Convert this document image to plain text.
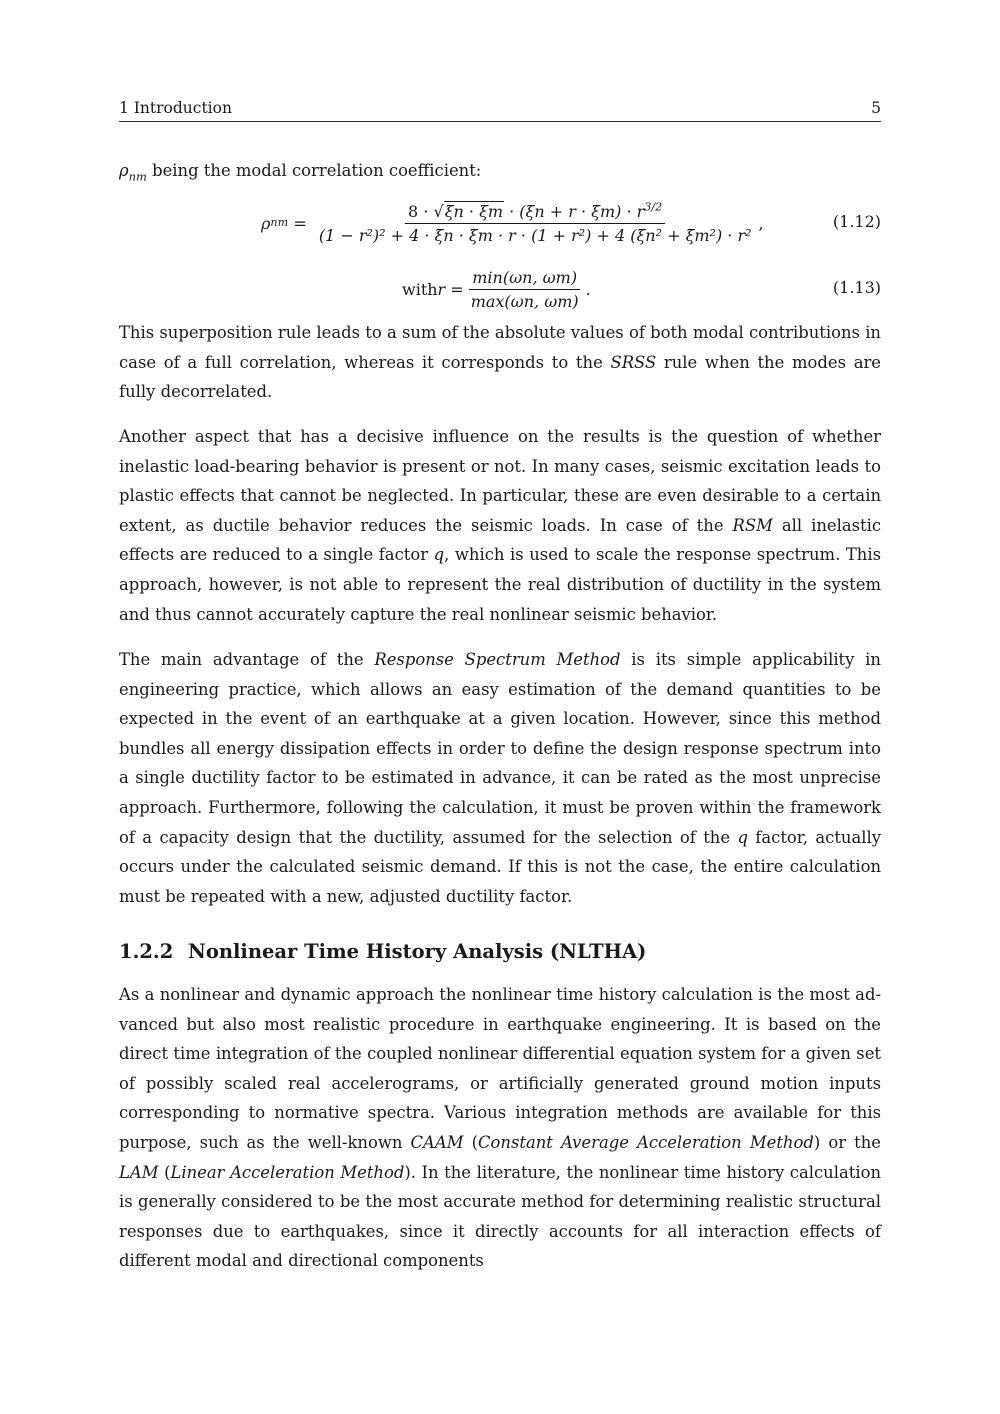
1 Introduction	5

$\rho_{nm}$ being the modal correlation coefficient:

ρ nm = $\frac{8 \cdot √\xi n \cdot \xi m \cdot (\xi n + r \cdot \xi m) \cdot r^{3/2}}{\text{(1 − r²)² + 4 · ξn · ξm · r · (1 + r²) + 4 (ξn² + ξm²) · r²}}$ ,	(1.12)
with $r = \frac{\min(\omega n, \omega m)}{\max(\omega n, \omega m)}$ .	(1.13)

This superposition rule leads to a sum of the absolute values of both modal contributions in case of a full correlation, whereas it corresponds to the SRSS rule when the modes are fully decorrelated.

Another aspect that has a decisive influence on the results is the question of whether inelastic load-bearing behavior is present or not. In many cases, seismic excitation leads to plastic effects that cannot be neglected. In particular, these are even desirable to a certain extent, as ductile behavior reduces the seismic loads. In case of the RSM all inelastic effects are reduced to a single factor q, which is used to scale the response spectrum. This approach, however, is not able to represent the real distribution of ductility in the system and thus cannot accurately capture the real nonlinear seismic behavior.

The main advantage of the Response Spectrum Method is its simple applicability in engineering practice, which allows an easy estimation of the demand quantities to be expected in the event of an earthquake at a given location. However, since this method bundles all energy dissipation effects in order to define the design response spectrum into a single ductility factor to be estimated in advance, it can be rated as the most unprecise approach. Furthermore, following the calculation, it must be proven within the framework of a capacity design that the ductility, assumed for the selection of the q factor, actually occurs under the calculated seismic demand. If this is not the case, the entire calculation must be repeated with a new, adjusted ductility factor.

1.2.2 Nonlinear Time History Analysis (NLTHA)

As a nonlinear and dynamic approach the nonlinear time history calculation is the most advanced but also most realistic procedure in earthquake engineering. It is based on the direct time integration of the coupled nonlinear differential equation system for a given set of possibly scaled real accelerograms, or artificially generated ground motion inputs corresponding to normative spectra. Various integration methods are available for this purpose, such as the well-known CAAM (Constant Average Acceleration Method) or the LAM (Linear Acceleration Method). In the literature, the nonlinear time history calculation is generally considered to be the most accurate method for determining realistic structural responses due to earthquakes, since it directly accounts for all interaction effects of different modal and directional components
